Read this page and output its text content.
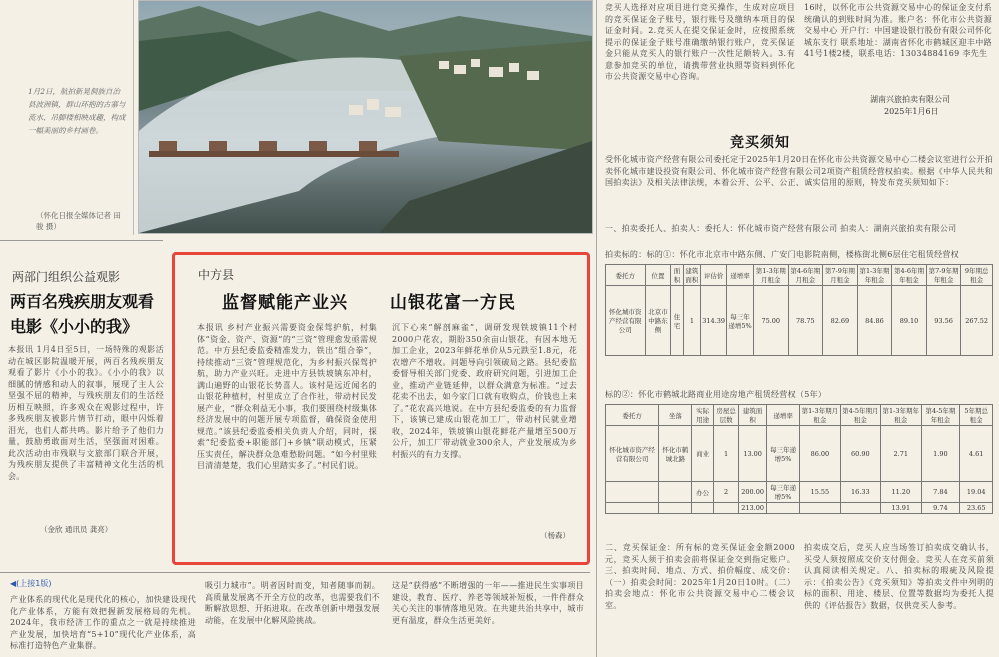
1月2日，航拍新晃侗族自治县波洲镇，群山环抱的古寨与流水、吊脚楼相映成趣，构成一幅美丽的乡村画卷。
（怀化日报全媒体记者 田骏 摄）
两部门组织公益观影
两百名残疾朋友观看
电影《小小的我》
本报讯 1月4日至5日，一场特殊的观影活动在城区影院温暖开展，两百名残疾朋友观看了影片《小小的我》。《小小的我》以细腻的情感和动人的叙事，展现了主人公坚强不屈的精神，与残疾朋友们的生活经历相互映照，许多观众在观影过程中，许多残疾朋友被影片情节打动，眼中闪烁着泪光，也们人都共鸣。影片给予了他们力量，鼓励勇敢面对生活，坚强面对困难。此次活动由市残联与文旅部门联合开展，为残疾朋友提供了丰富精神文化生活的机会。
（金欣 通讯员 龚亮）
中方县
监督赋能产业兴 山银花富一方民
本报讯 乡村产业振兴需要资金保驾护航，村集体“资金、资产、资源”的“三资”管理愈发亟需规范。中方县纪委监委精准发力，铁出“组合拳”，持续推动“三资”管理规范化，为乡村振兴保驾护航，助力产业兴旺。走进中方县铁坡镇东冲村，满山遍野的山银花长势喜人。该村是远近闻名的山银花种植村，村里成立了合作社，带动村民发展产业，“群众利益无小事，我们要围绕村级集体经济发展中的问题开展专项监督，确保资金使用规范。”该县纪委监委相关负责人介绍，同时，探索“纪委监委+职能部门+乡镇”联动模式，压紧压实责任，解决群众急难愁盼问题。“如今村里账目清清楚楚，我们心里踏实多了。”村民们说。
沉下心来“解剖麻雀”，调研发现铁坡镇11个村2000户花农，期盼350余亩山银花，有因本地无加工企业，2023年鲜花单价从5元跌至1.8元，花农增产不增收。问题导向引领破局之路。县纪委监委督导相关部门党委、政府研究问题，引进加工企业，推动产业链延伸，以群众满意为标准。“过去花卖不出去，如今家门口就有收购点，价钱也上来了。”花农高兴地说。在中方县纪委监委的有力监督下，该镇已建成山银花加工厂，带动村民就业增收，2024年，铁坡镇山银花鲜花产量增至500万公斤，加工厂带动就业300余人，产业发展成为乡村振兴的有力支撑。
（杨森）
◀(上接1版)
产业体系的现代化是现代化的核心，加快建设现代化产业体系，方能有效把握新发展格局的先机。2024年，我市经济工作的重点之一就是持续推进产业发展，加快培育“5+10”现代化产业体系，高标准打造特色产业集群。
吸引力城市”。明者因时而变，知者随事而制。高质量发展离不开全方位的改革，也需要我们不断解放思想、开拓进取。在改革创新中增强发展动能，在发展中化解风险挑战。
这是“获得感”不断增强的一年——推进民生实事项目建设，教育、医疗、养老等领域补短板，一件件群众关心关注的事情落地见效。在共建共治共享中，城市更有温度，群众生活更美好。
竞买人选择对应项目进行竞买操作，生成对应项目的竞买保证金子账号，银行账号及缴纳本项目的保证金时间。2.竞买人在提交保证金时，应按照系统提示的保证金子账号准确缴纳银行账户，竞买保证金只能从竞买人的银行账户一次性足额转入。3.有意参加竞买的单位，请携带营业执照等资料到怀化市公共资源交易中心咨询。
16时，以怀化市公共资源交易中心的保证金支付系统确认的到账时间为准。账户名：怀化市公共资源交易中心 开户行：中国建设银行股份有限公司怀化城东支行 联系地址：湖南省怀化市鹤城区迎丰中路41号1楼2楼，联系电话：13034884169 李先生
湖南兴旅拍卖有限公司
2025年1月6日
竞买须知
受怀化城市资产经营有限公司委托定于2025年1月20日在怀化市公共资源交易中心二楼会议室进行公开拍卖怀化城市建设投资有限公司、怀化城市资产经营有限公司2项资产租赁经营权拍卖。根据《中华人民共和国拍卖法》及相关法律法规，本着公开、公平、公正、诚实信用的原则，特发布竞买须知如下：
一、拍卖委托人、拍卖人：委托人：怀化城市资产经营有限公司 拍卖人：湖南兴旅拍卖有限公司
拍卖标的：标的①：怀化市北京市中路东侧、广安门电影院南侧，楼栋街北侧6层住宅租赁经营权
委托方	位置	面积	建筑面积	评估价	递增率	第1-3年期月租金	第4-6年期月租金	第7-9年期月租金	第1-3年期年租金	第4-6年期年租金	第7-9年期年租金	9年期总租金
怀化城市资产经营有限公司	北京市中路东侧	住宅	1	314.39	每三年递增5%	75.00	78.75	82.69	84.86	89.10	93.56	267.52
标的②：怀化市鹤城北路商业用途房地产租赁经营权（5年）
委托方	坐落	实际用途	房屋总层数	建筑面积	递增率	第1-3年期月租金	第4-5年期月租金	第1-3年期年租金	第4-5年期年租金	5年期总租金
怀化城市资产经营有限公司	怀化市鹤城北路	商业	1	13.00	每三年递增5%	86.00	60.90	2.71	1.90	4.61
		办公	2	200.00	每三年递增5%	15.55	16.33	11.20	7.84	19.04
				213.00				13.91	9.74	23.65
二、竞买保证金：所有标的竞买保证金金额2000元，竞买人须于拍卖会前将保证金交到指定账户。三、拍卖时间、地点、方式、拍价幅度、成交价：（一）拍卖会时间：2025年1月20日10时。（二）拍卖会地点：怀化市公共资源交易中心二楼会议室。
拍卖成交后，竞买人应当场签订拍卖成交确认书，买受人须按照成交价支付佣金。竞买人在竞买前须认真阅读相关规定。八、拍卖标的瑕疵及风险提示：《拍卖公告》《竞买须知》等拍卖文件中列明的标的面积、用途、楼层、位置等数据均为委托人提供的《评估报告》数据，仅供竞买人参考。
